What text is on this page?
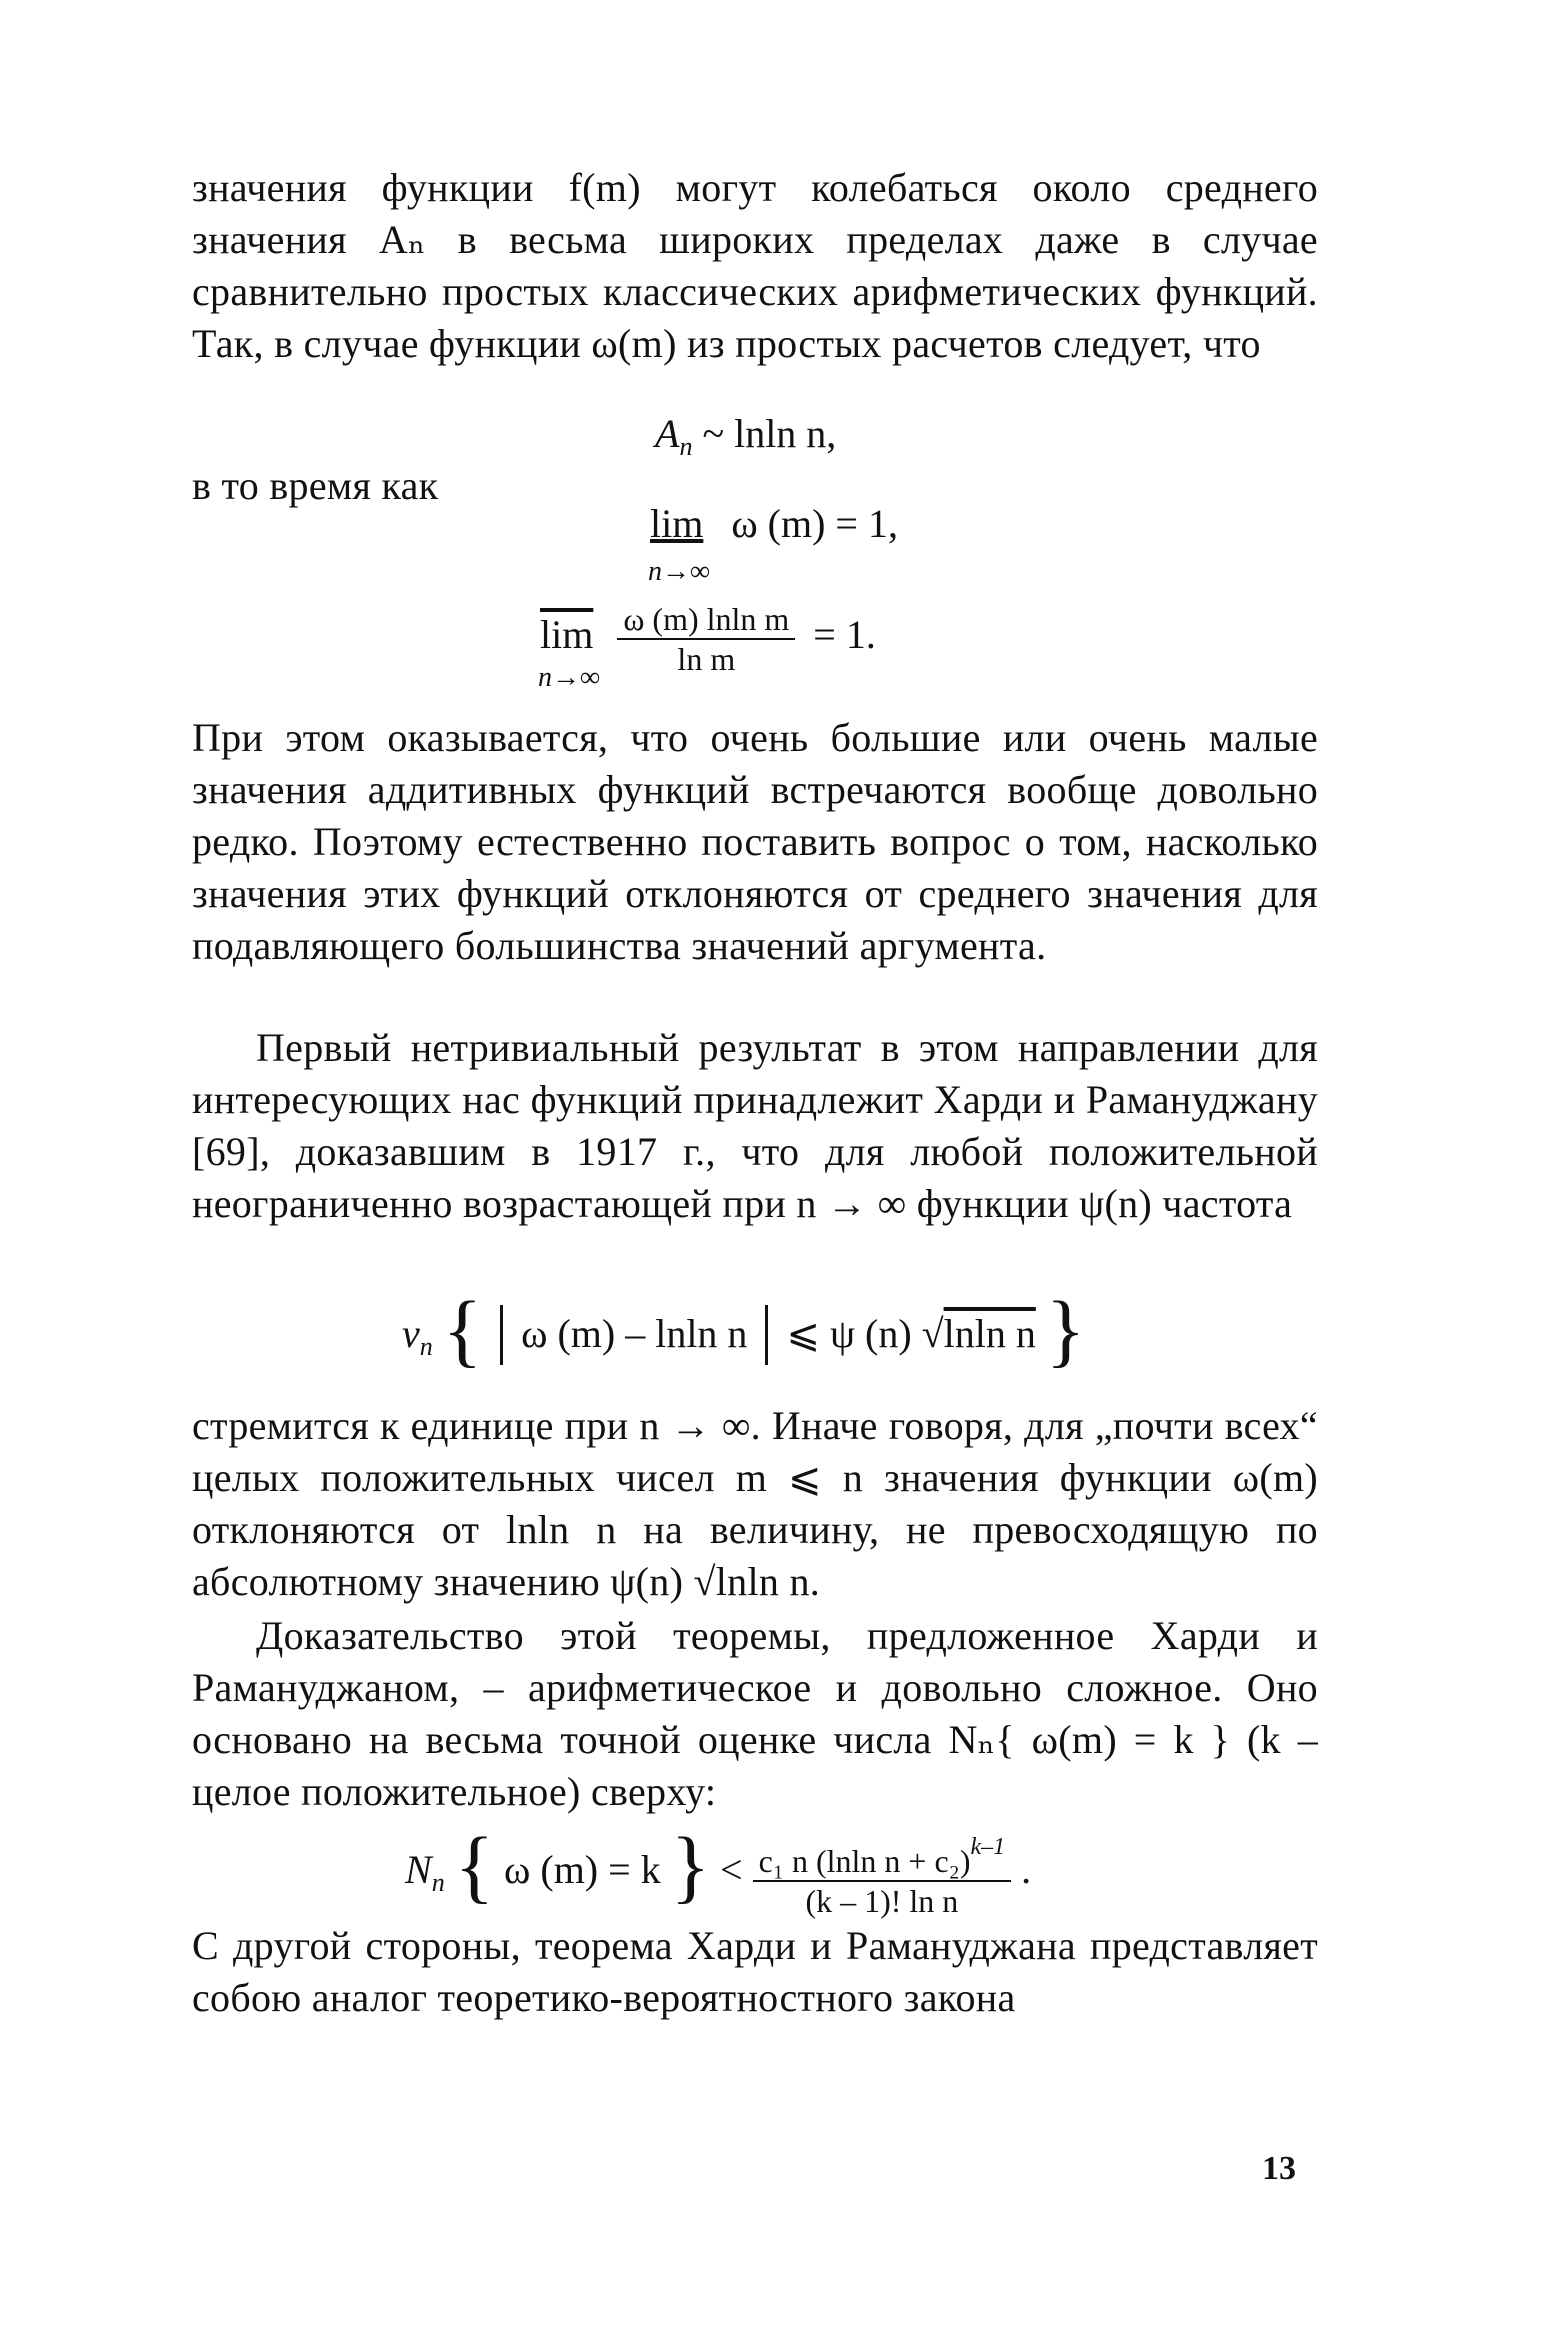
значения функции f(m) могут колебаться около среднего значения Aₙ в весьма широких пределах даже в случае сравнительно простых классических арифметических функций. Так, в случае функции ω(m) из простых расчетов следует, что

$A_n$ ~ lnln n,

в то время как

lim ω (m) = 1,
n→∞
$\overline{lim} \frac{\text{ω (m) lnln m}}{\text{ln m}} = 1$.
n→∞

При этом оказывается, что очень большие или очень малые значения аддитивных функций встречаются вообще довольно редко. Поэтому естественно поставить вопрос о том, насколько значения этих функций отклоняются от среднего значения для подавляющего большинства значений аргумента.

Первый нетривиальный результат в этом направлении для интересующих нас функций принадлежит Харди и Рамануджану [69], доказавшим в 1917 г., что для любой положительной неограниченно возрастающей при n → ∞ функции ψ(n) частота

$\nu_n$ { ω (m) – lnln n ⩽ ψ (n) √lnln n }

стремится к единице при n → ∞. Иначе говоря, для „почти всех“ целых положительных чисел m ⩽ n значения функции ω(m) отклоняются от lnln n на величину, не превосходящую по абсолютному значению ψ(n) √lnln n.

Доказательство этой теоремы, предложенное Харди и Рамануджаном, – арифметическое и довольно сложное. Оно основано на весьма точной оценке числа Nₙ{ ω(m) = k } (k – целое положительное) сверху:

$N_n$ { ω (m) = k } < $\frac{c_1 n (lnln n + c_2)^{k-1}}{\text{(k – 1)! ln n}}$ .

С другой стороны, теорема Харди и Рамануджана представляет собою аналог теоретико-вероятностного закона

13
